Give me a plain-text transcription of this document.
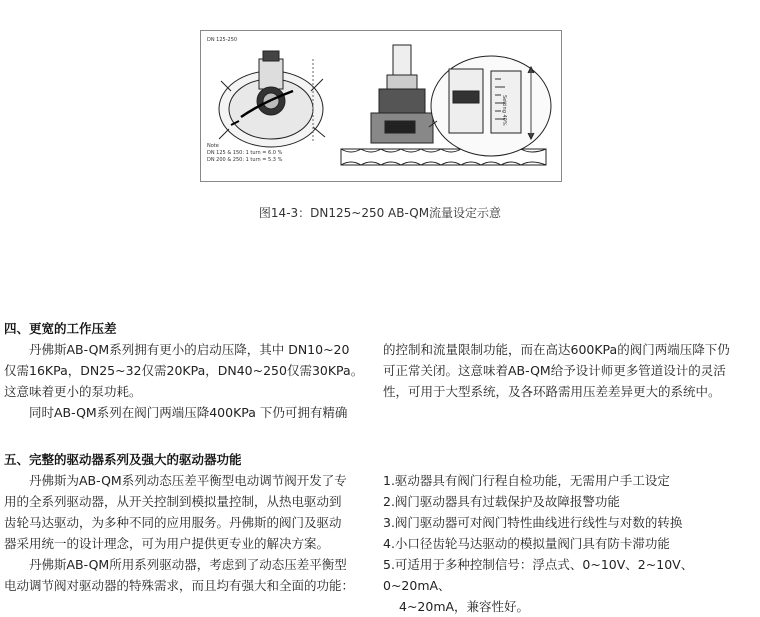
DN 125-250
Note
DN 125 & 150: 1 turn = 6.0 %
DN 200 & 250: 1 turn = 5.3 %
Setting 40%
图14-3：DN125~250 AB-QM流量设定示意

四、更宽的工作压差

丹佛斯AB-QM系列拥有更小的启动压降，其中 DN10~20

仅需16KPa，DN25~32仅需20KPa，DN40~250仅需30KPa。

这意味着更小的泵功耗。

同时AB-QM系列在阀门两端压降400KPa 下仍可拥有精确

的控制和流量限制功能，而在高达600KPa的阀门两端压降下仍

可正常关闭。这意味着AB-QM给予设计师更多管道设计的灵活

性，可用于大型系统，及各环路需用压差差异更大的系统中。

五、完整的驱动器系列及强大的驱动器功能

丹佛斯为AB-QM系列动态压差平衡型电动调节阀开发了专

用的全系列驱动器，从开关控制到模拟量控制，从热电驱动到

齿轮马达驱动，为多种不同的应用服务。丹佛斯的阀门及驱动

器采用统一的设计理念，可为用户提供更专业的解决方案。

丹佛斯AB-QM所用系列驱动器，考虑到了动态压差平衡型

电动调节阀对驱动器的特殊需求，而且均有强大和全面的功能：

1.驱动器具有阀门行程自检功能，无需用户手工设定

2.阀门驱动器具有过载保护及故障报警功能

3.阀门驱动器可对阀门特性曲线进行线性与对数的转换

4.小口径齿轮马达驱动的模拟量阀门具有防卡滞功能

5.可适用于多种控制信号：浮点式、0~10V、2~10V、0~20mA、

4~20mA，兼容性好。
